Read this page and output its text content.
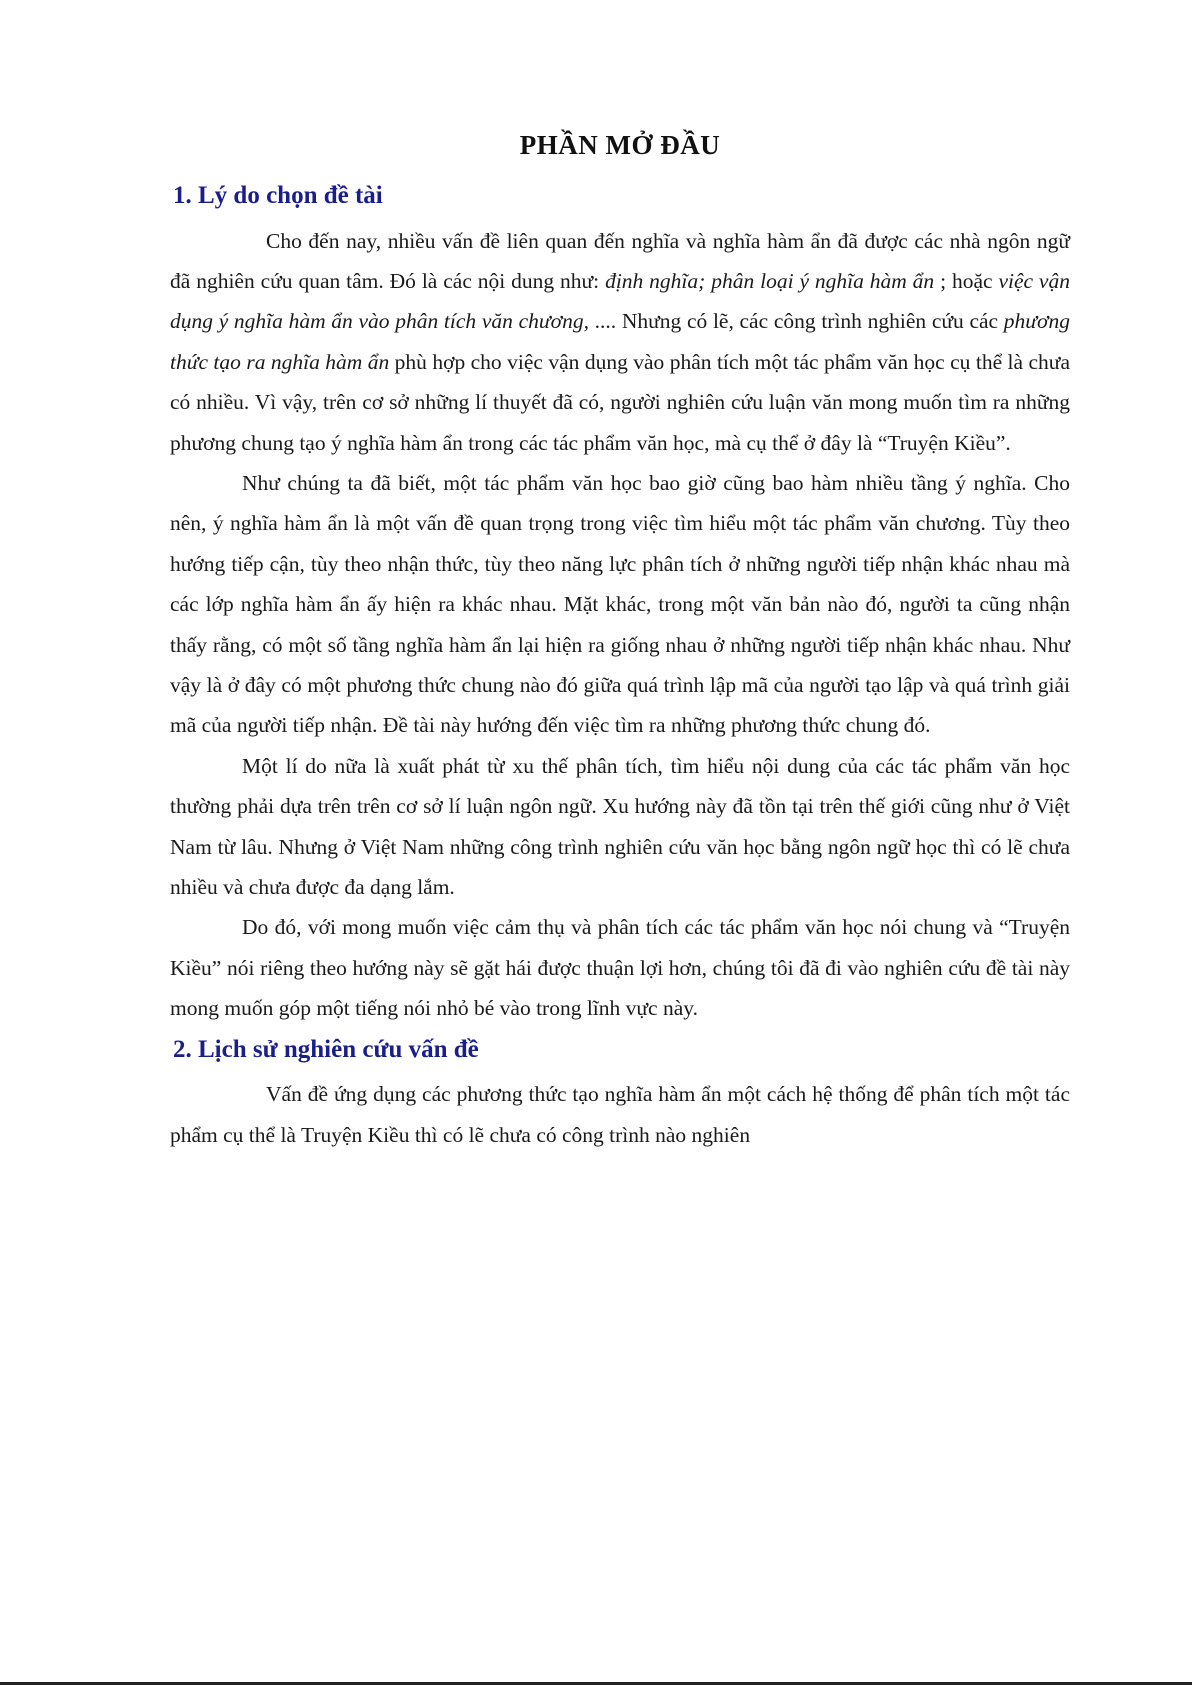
PHẦN MỞ ĐẦU
1. Lý do chọn đề tài

Cho đến nay, nhiều vấn đề liên quan đến nghĩa và nghĩa hàm ẩn đã được các nhà ngôn ngữ đã nghiên cứu quan tâm. Đó là các nội dung như: định nghĩa; phân loại ý nghĩa hàm ẩn ; hoặc việc vận dụng ý nghĩa hàm ẩn vào phân tích văn chương, .... Nhưng có lẽ, các công trình nghiên cứu các phương thức tạo ra nghĩa hàm ẩn phù hợp cho việc vận dụng vào phân tích một tác phẩm văn học cụ thể là chưa có nhiều. Vì vậy, trên cơ sở những lí thuyết đã có, người nghiên cứu luận văn mong muốn tìm ra những phương chung tạo ý nghĩa hàm ẩn trong các tác phẩm văn học, mà cụ thể ở đây là “Truyện Kiều”.

Như chúng ta đã biết, một tác phẩm văn học bao giờ cũng bao hàm nhiều tầng ý nghĩa. Cho nên, ý nghĩa hàm ẩn là một vấn đề quan trọng trong việc tìm hiểu một tác phẩm văn chương. Tùy theo hướng tiếp cận, tùy theo nhận thức, tùy theo năng lực phân tích ở những người tiếp nhận khác nhau mà các lớp nghĩa hàm ẩn ấy hiện ra khác nhau. Mặt khác, trong một văn bản nào đó, người ta cũng nhận thấy rằng, có một số tầng nghĩa hàm ẩn lại hiện ra giống nhau ở những người tiếp nhận khác nhau. Như vậy là ở đây có một phương thức chung nào đó giữa quá trình lập mã của người tạo lập và quá trình giải mã của người tiếp nhận. Đề tài này hướng đến việc tìm ra những phương thức chung đó.

Một lí do nữa là xuất phát từ xu thế phân tích, tìm hiểu nội dung của các tác phẩm văn học thường phải dựa trên trên cơ sở lí luận ngôn ngữ. Xu hướng này đã tồn tại trên thế giới cũng như ở Việt Nam từ lâu. Nhưng ở Việt Nam những công trình nghiên cứu văn học bằng ngôn ngữ học thì có lẽ chưa nhiều và chưa được đa dạng lắm.

Do đó, với mong muốn việc cảm thụ và phân tích các tác phẩm văn học nói chung và “Truyện Kiều” nói riêng theo hướng này sẽ gặt hái được thuận lợi hơn, chúng tôi đã đi vào nghiên cứu đề tài này mong muốn góp một tiếng nói nhỏ bé vào trong lĩnh vực này.

2. Lịch sử nghiên cứu vấn đề

Vấn đề ứng dụng các phương thức tạo nghĩa hàm ẩn một cách hệ thống để phân tích một tác phẩm cụ thể là Truyện Kiều thì có lẽ chưa có công trình nào nghiên
